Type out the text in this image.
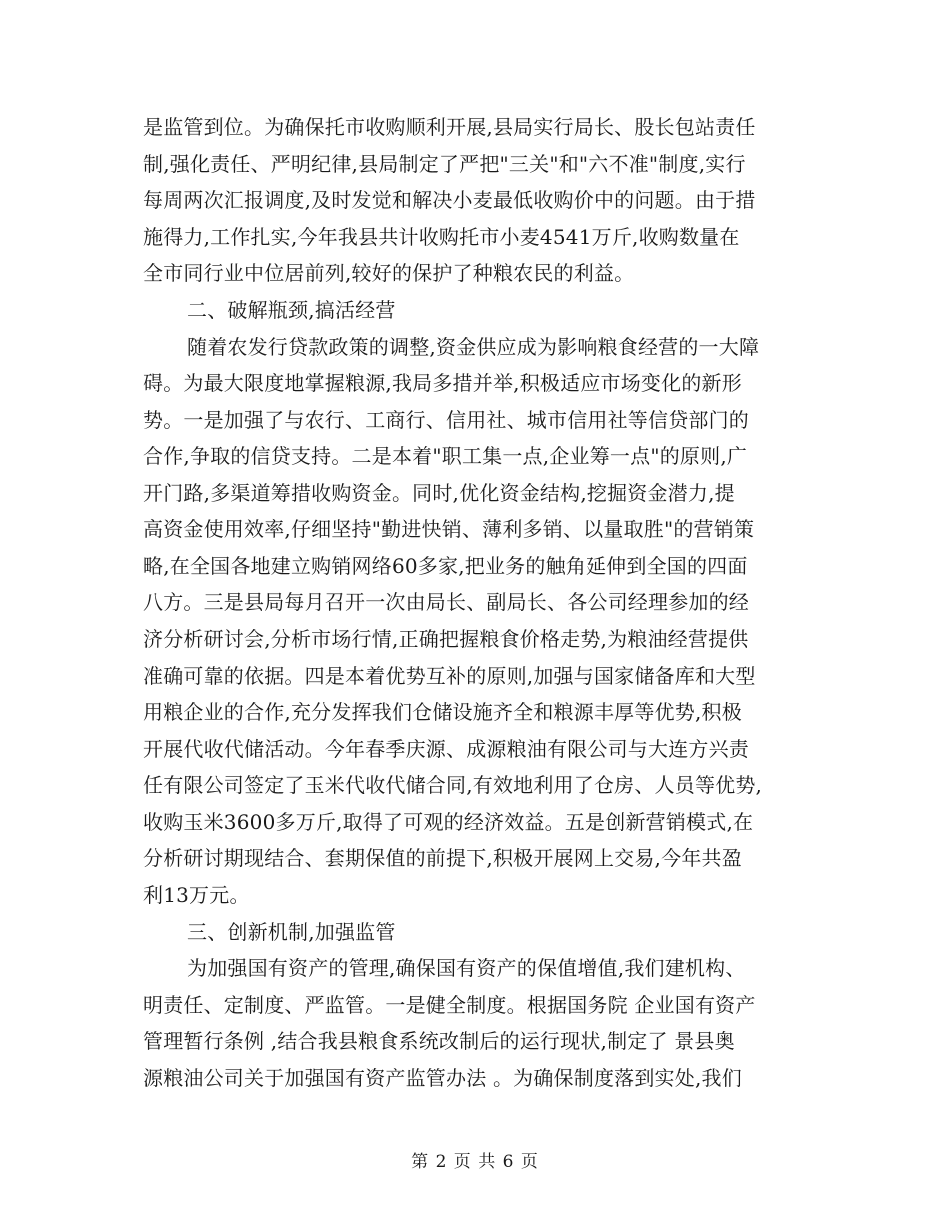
是监管到位。为确保托市收购顺利开展,县局实行局长、股长包站责任
制,强化责任、严明纪律,县局制定了严把"三关"和"六不准"制度,实行
每周两次汇报调度,及时发觉和解决小麦最低收购价中的问题。由于措
施得力,工作扎实,今年我县共计收购托市小麦4541万斤,收购数量在
全市同行业中位居前列,较好的保护了种粮农民的利益。
二、破解瓶颈,搞活经营
随着农发行贷款政策的调整,资金供应成为影响粮食经营的一大障
碍。为最大限度地掌握粮源,我局多措并举,积极适应市场变化的新形
势。一是加强了与农行、工商行、信用社、城市信用社等信贷部门的
合作,争取的信贷支持。二是本着"职工集一点,企业筹一点"的原则,广
开门路,多渠道筹措收购资金。同时,优化资金结构,挖掘资金潜力,提
高资金使用效率,仔细坚持"勤进快销、薄利多销、以量取胜"的营销策
略,在全国各地建立购销网络60多家,把业务的触角延伸到全国的四面
八方。三是县局每月召开一次由局长、副局长、各公司经理参加的经
济分析研讨会,分析市场行情,正确把握粮食价格走势,为粮油经营提供
准确可靠的依据。四是本着优势互补的原则,加强与国家储备库和大型
用粮企业的合作,充分发挥我们仓储设施齐全和粮源丰厚等优势,积极
开展代收代储活动。今年春季庆源、成源粮油有限公司与大连方兴责
任有限公司签定了玉米代收代储合同,有效地利用了仓房、人员等优势,
收购玉米3600多万斤,取得了可观的经济效益。五是创新营销模式,在
分析研讨期现结合、套期保值的前提下,积极开展网上交易,今年共盈
利13万元。
三、创新机制,加强监管
为加强国有资产的管理,确保国有资产的保值增值,我们建机构、
明责任、定制度、严监管。一是健全制度。根据国务院 企业国有资产
管理暂行条例 ,结合我县粮食系统改制后的运行现状,制定了 景县奥
源粮油公司关于加强国有资产监管办法 。为确保制度落到实处,我们
第 2 页 共 6 页
